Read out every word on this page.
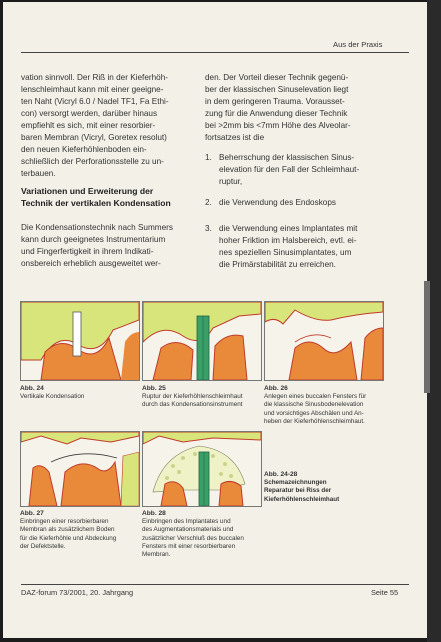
Aus der Praxis
vation sinnvoll. Der Riß in der Kieferhöh-
lenschleimhaut kann mit einer geeigne-
ten Naht (Vicryl 6.0 / Nadel TF1, Fa Ethi-
con) versorgt werden, darüber hinaus
empfiehlt es sich, mit einer resorbier-
baren Membran (Vicryl, Goretex resolut)
den neuen Kieferhöhlenboden ein-
schließlich der Perforationsstelle zu un-
terbauen.
Variationen und Erweiterung der
Technik der vertikalen Kondensation
Die Kondensationstechnik nach Summers
kann durch geeignetes Instrumentarium
und Fingerfertigkeit in ihrem Indikati-
onsbereich erheblich ausgeweitet wer-
den. Der Vorteil dieser Technik gegenü-
ber der klassischen Sinuselevation liegt
in dem geringeren Trauma. Vorausset-
zung für die Anwendung dieser Technik
bei >2mm bis <7mm Höhe des Alveolar-
fortsatzes ist die
1. Beherrschung der klassischen Sinus-
elevation für den Fall der Schleimhaut-
ruptur,
2. die Verwendung des Endoskops
3. die Verwendung eines Implantates mit
hoher Friktion im Halsbereich, evtl. ei-
nes speziellen Sinusimplantates, um
die Primärstabilität zu erreichen.
Abb. 24
Vertikale Kondensation
Abb. 25
Ruptur der Kieferhöhlenschleimhaut
durch das Kondensationsinstrument
Abb. 26
Anlegen eines buccalen Fensters für
die klassische Sinusbodenelevation
und vorsichtiges Abschälen und An-
heben der Kieferhöhlenschleimhaut.
Abb. 27
Einbringen einer resorbierbaren
Membran als zusätzlichem Boden
für die Kieferhöhle und Abdeckung
der Defektstelle.
Abb. 28
Einbringen des Implantates und
des Augmentationsmaterials und
zusätzlicher Verschluß des buccalen
Fensters mit einer resorbierbaren
Membran.
Abb. 24-28
Schemazeichnungen
Reparatur bei Riss der
Kieferhöhlenschleimhaut
DAZ-forum 73/2001, 20. Jahrgang	Seite 55
